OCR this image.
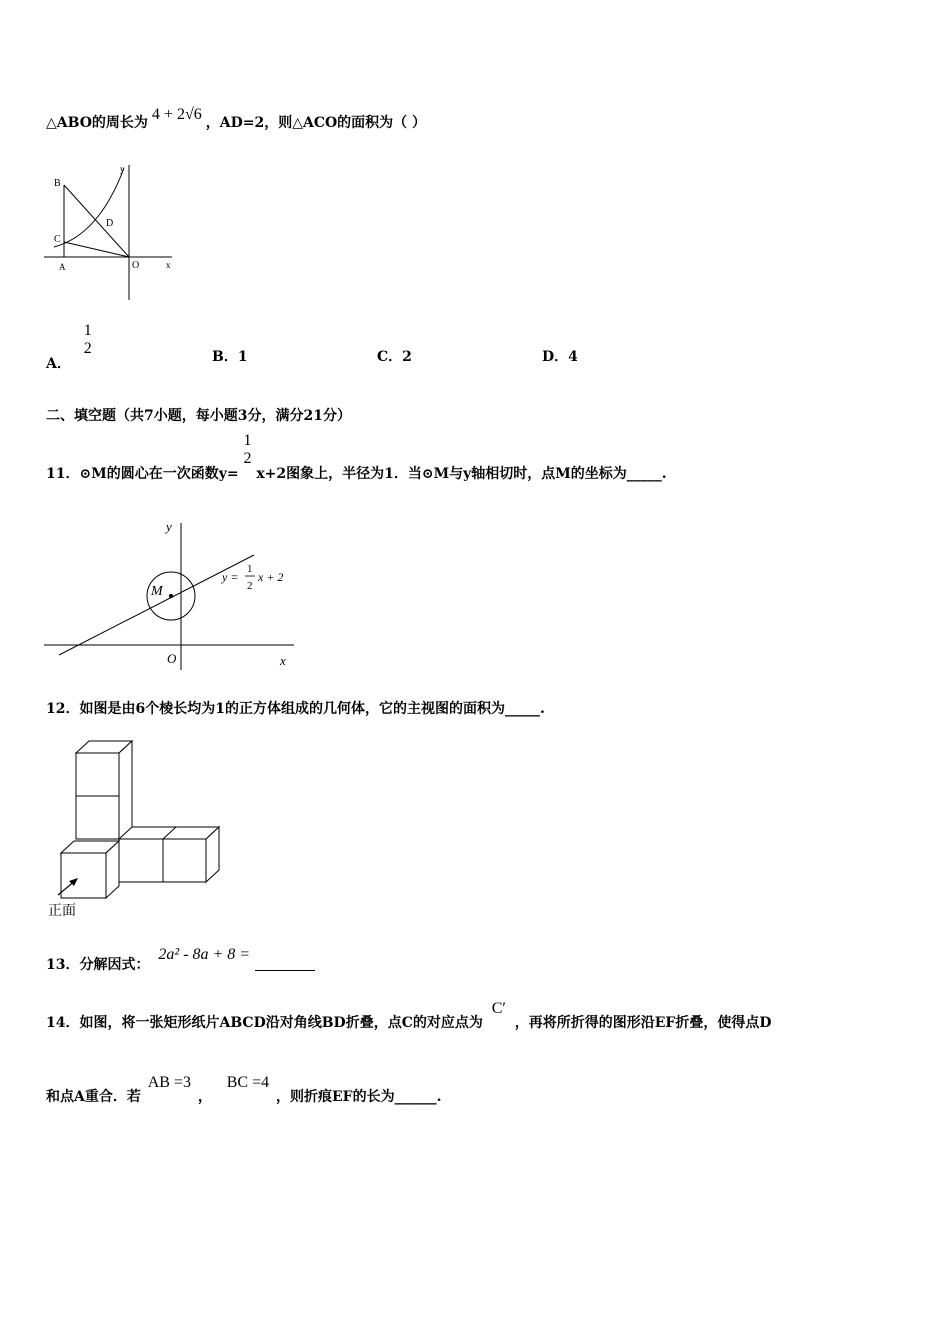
△ABO的周长为 4 + 2√6 ，AD=2，则△ACO的面积为（ ）
B
C
D
A	O	x
y
A．
1
2	B．1	C．2	D．4
二、填空题（共7小题，每小题3分，满分21分）
11．⊙M的圆心在一次函数y=
1
2
x+2图象上，半径为1．当⊙M与y轴相切时，点M的坐标为_____.
M
y
x
O
y =
1
2
x + 2
12．如图是由6个棱长均为1的正方体组成的几何体，它的主视图的面积为_____.
正面
13．分解因式： 2a² - 8a + 8 =
14．如图，将一张矩形纸片ABCD沿对角线BD折叠，点C的对应点为 C′ ，再将所折得的图形沿EF折叠，使得点D
和点A重合．若 AB =3 ， BC =4 ，则折痕EF的长为______.
